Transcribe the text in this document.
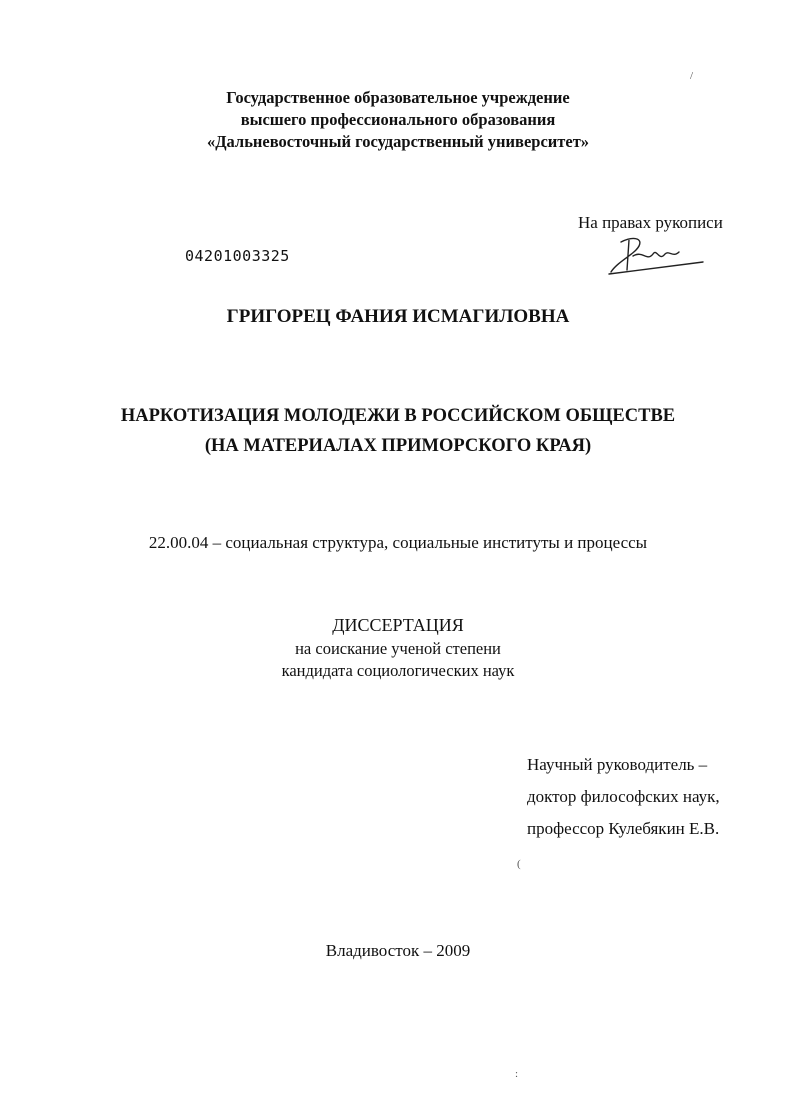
Государственное образовательное учреждение
высшего профессионального образования
«Дальневосточный государственный университет»
На правах рукописи
04201003325
ГРИГОРЕЦ ФАНИЯ ИСМАГИЛОВНА
НАРКОТИЗАЦИЯ МОЛОДЕЖИ В РОССИЙСКОМ ОБЩЕСТВЕ
(НА МАТЕРИАЛАХ ПРИМОРСКОГО КРАЯ)
22.00.04 – социальная структура, социальные институты и процессы
ДИССЕРТАЦИЯ
на соискание ученой степени
кандидата социологических наук
Научный руководитель –
доктор философских наук,
профессор Кулебякин Е.В.
Владивосток – 2009
/
(
:
